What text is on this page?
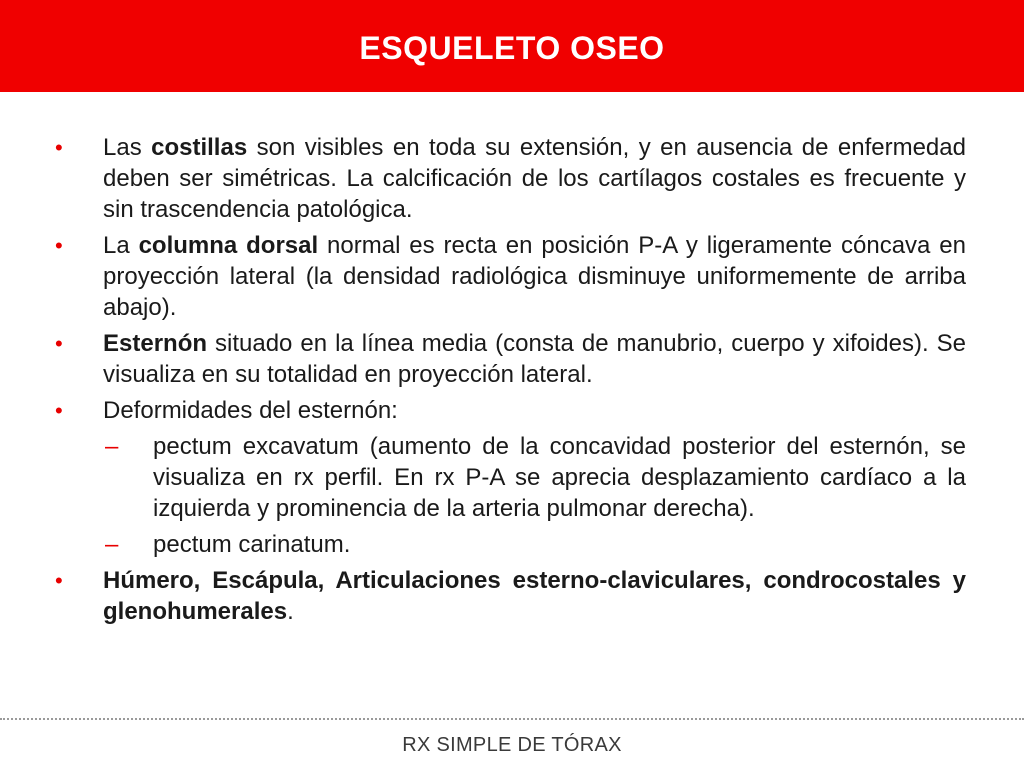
ESQUELETO OSEO
•	Las costillas son visibles en toda su extensión, y en ausencia de enfermedad deben ser simétricas. La calcificación de los cartílagos costales es frecuente y sin trascendencia patológica.
•	La columna dorsal normal es recta en posición P-A y ligeramente cóncava en proyección lateral (la densidad radiológica disminuye uniformemente de arriba abajo).
•	Esternón situado en la línea media (consta de manubrio, cuerpo y xifoides). Se visualiza en su totalidad en proyección lateral.
•	Deformidades del esternón:
–	pectum excavatum (aumento de la concavidad posterior del esternón, se visualiza en rx perfil. En rx P-A se aprecia desplazamiento cardíaco a la izquierda y prominencia de la arteria pulmonar derecha).
–	pectum carinatum.
•	Húmero, Escápula, Articulaciones esterno-claviculares, condrocostales y glenohumerales.
RX SIMPLE DE TÓRAX
